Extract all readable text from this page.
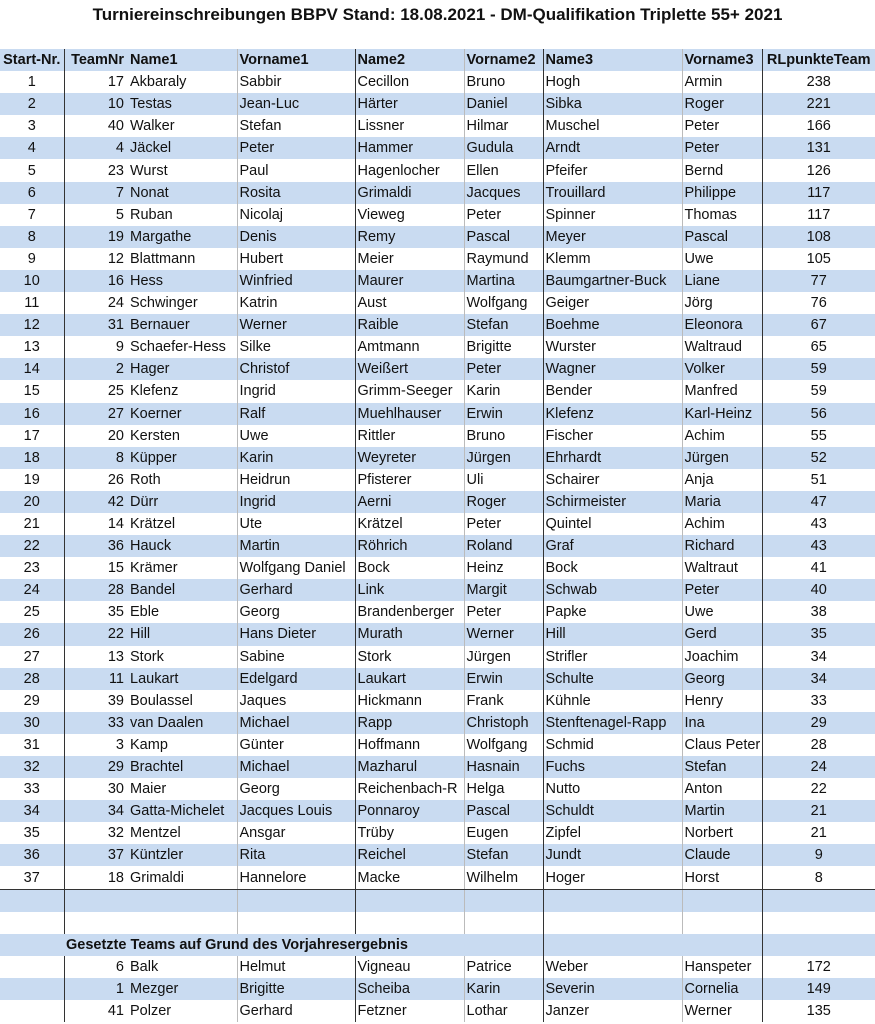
Turniereinschreibungen BBPV Stand: 18.08.2021 - DM-Qualifikation Triplette 55+ 2021
Start-Nr.	TeamNr	Name1	Vorname1	Name2	Vorname2	Name3	Vorname3	RLpunkteTeam
1	17	Akbaraly	Sabbir	Cecillon	Bruno	Hogh	Armin	238
2	10	Testas	Jean-Luc	Härter	Daniel	Sibka	Roger	221
3	40	Walker	Stefan	Lissner	Hilmar	Muschel	Peter	166
4	4	Jäckel	Peter	Hammer	Gudula	Arndt	Peter	131
5	23	Wurst	Paul	Hagenlocher	Ellen	Pfeifer	Bernd	126
6	7	Nonat	Rosita	Grimaldi	Jacques	Trouillard	Philippe	117
7	5	Ruban	Nicolaj	Vieweg	Peter	Spinner	Thomas	117
8	19	Margathe	Denis	Remy	Pascal	Meyer	Pascal	108
9	12	Blattmann	Hubert	Meier	Raymund	Klemm	Uwe	105
10	16	Hess	Winfried	Maurer	Martina	Baumgartner-Buck	Liane	77
11	24	Schwinger	Katrin	Aust	Wolfgang	Geiger	Jörg	76
12	31	Bernauer	Werner	Raible	Stefan	Boehme	Eleonora	67
13	9	Schaefer-Hess	Silke	Amtmann	Brigitte	Wurster	Waltraud	65
14	2	Hager	Christof	Weißert	Peter	Wagner	Volker	59
15	25	Klefenz	Ingrid	Grimm-Seeger	Karin	Bender	Manfred	59
16	27	Koerner	Ralf	Muehlhauser	Erwin	Klefenz	Karl-Heinz	56
17	20	Kersten	Uwe	Rittler	Bruno	Fischer	Achim	55
18	8	Küpper	Karin	Weyreter	Jürgen	Ehrhardt	Jürgen	52
19	26	Roth	Heidrun	Pfisterer	Uli	Schairer	Anja	51
20	42	Dürr	Ingrid	Aerni	Roger	Schirmeister	Maria	47
21	14	Krätzel	Ute	Krätzel	Peter	Quintel	Achim	43
22	36	Hauck	Martin	Röhrich	Roland	Graf	Richard	43
23	15	Krämer	Wolfgang Daniel	Bock	Heinz	Bock	Waltraut	41
24	28	Bandel	Gerhard	Link	Margit	Schwab	Peter	40
25	35	Eble	Georg	Brandenberger	Peter	Papke	Uwe	38
26	22	Hill	Hans Dieter	Murath	Werner	Hill	Gerd	35
27	13	Stork	Sabine	Stork	Jürgen	Strifler	Joachim	34
28	11	Laukart	Edelgard	Laukart	Erwin	Schulte	Georg	34
29	39	Boulassel	Jaques	Hickmann	Frank	Kühnle	Henry	33
30	33	van Daalen	Michael	Rapp	Christoph	Stenftenagel-Rapp	Ina	29
31	3	Kamp	Günter	Hoffmann	Wolfgang	Schmid	Claus Peter	28
32	29	Brachtel	Michael	Mazharul	Hasnain	Fuchs	Stefan	24
33	30	Maier	Georg	Reichenbach-R	Helga	Nutto	Anton	22
34	34	Gatta-Michelet	Jacques Louis	Ponnaroy	Pascal	Schuldt	Martin	21
35	32	Mentzel	Ansgar	Trüby	Eugen	Zipfel	Norbert	21
36	37	Küntzler	Rita	Reichel	Stefan	Jundt	Claude	9
37	18	Grimaldi	Hannelore	Macke	Wilhelm	Hoger	Horst	8

Gesetzte Teams auf Grund des Vorjahresergebnis								
	6	Balk	Helmut	Vigneau	Patrice	Weber	Hanspeter	172
	1	Mezger	Brigitte	Scheiba	Karin	Severin	Cornelia	149
	41	Polzer	Gerhard	Fetzner	Lothar	Janzer	Werner	135
